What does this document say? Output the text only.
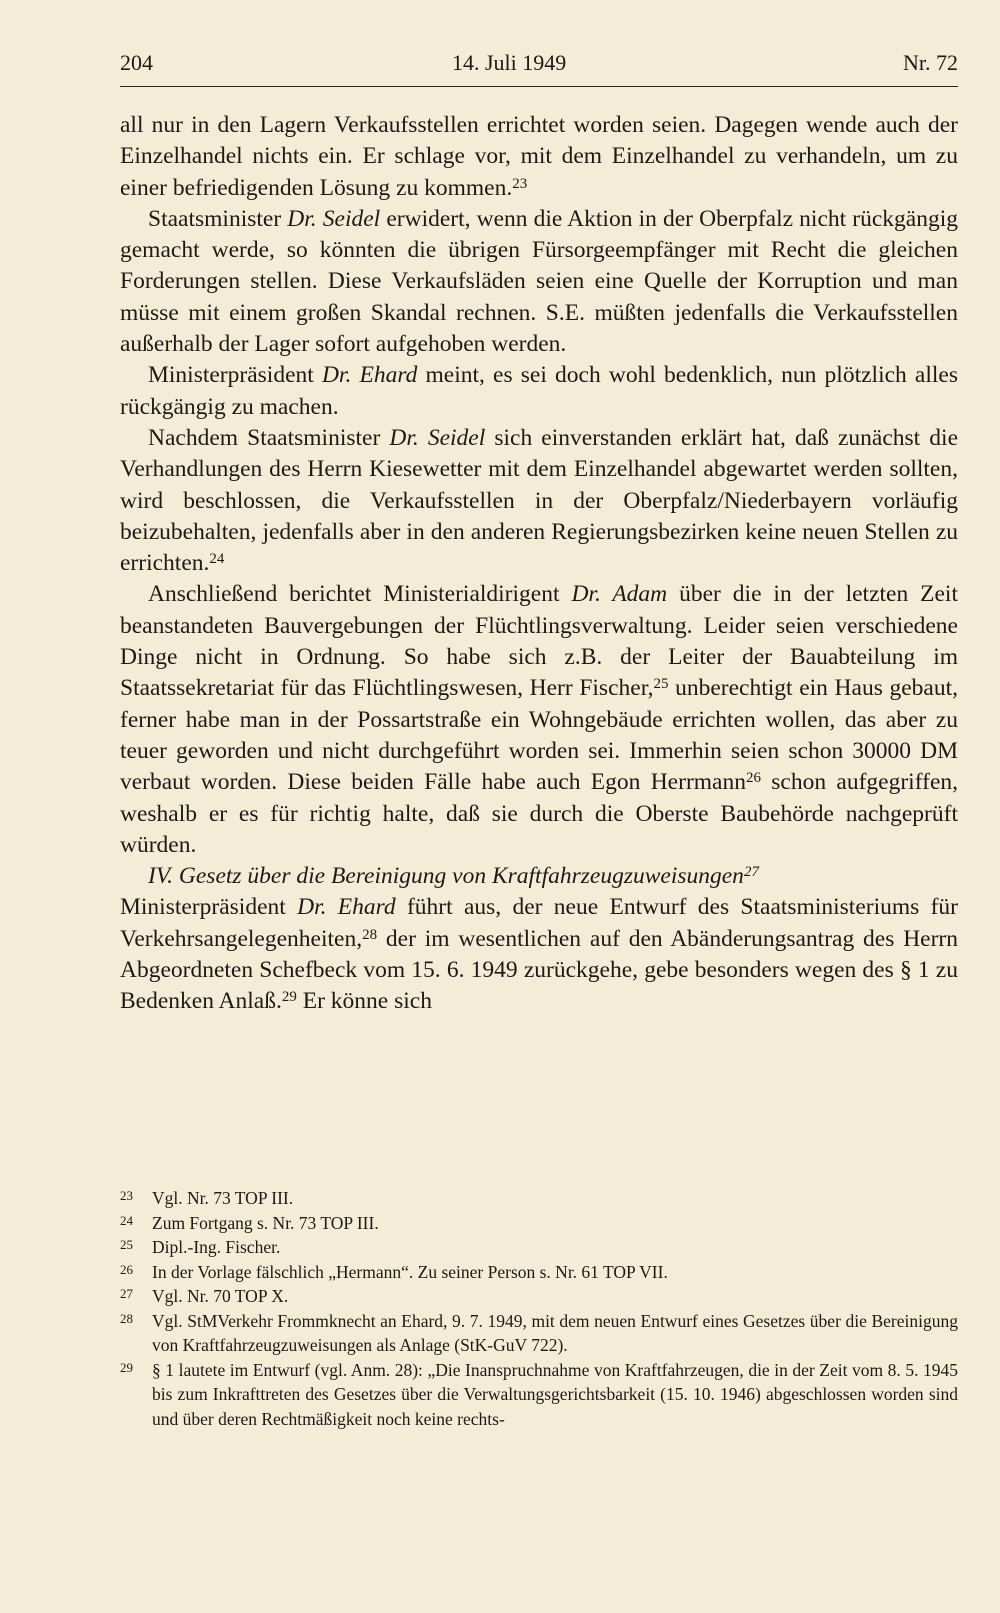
204	14. Juli 1949	Nr. 72

all nur in den Lagern Verkaufsstellen errichtet worden seien. Dagegen wende auch der Einzelhandel nichts ein. Er schlage vor, mit dem Einzelhandel zu verhandeln, um zu einer befriedigenden Lösung zu kommen.$^{23}$

Staatsminister Dr. Seidel erwidert, wenn die Aktion in der Oberpfalz nicht rückgängig gemacht werde, so könnten die übrigen Fürsorgeempfänger mit Recht die gleichen Forderungen stellen. Diese Verkaufsläden seien eine Quelle der Korruption und man müsse mit einem großen Skandal rechnen. S.E. müßten jedenfalls die Verkaufsstellen außerhalb der Lager sofort aufgehoben werden.

Ministerpräsident Dr. Ehard meint, es sei doch wohl bedenklich, nun plötzlich alles rückgängig zu machen.

Nachdem Staatsminister Dr. Seidel sich einverstanden erklärt hat, daß zunächst die Verhandlungen des Herrn Kiesewetter mit dem Einzelhandel abgewartet werden sollten, wird beschlossen, die Verkaufsstellen in der Oberpfalz/Niederbayern vorläufig beizubehalten, jedenfalls aber in den anderen Regierungsbezirken keine neuen Stellen zu errichten.$^{24}$

Anschließend berichtet Ministerialdirigent Dr. Adam über die in der letzten Zeit beanstandeten Bauvergebungen der Flüchtlingsverwaltung. Leider seien verschiedene Dinge nicht in Ordnung. So habe sich z.B. der Leiter der Bauabteilung im Staatssekretariat für das Flüchtlingswesen, Herr Fischer,$^{25}$ unberechtigt ein Haus gebaut, ferner habe man in der Possartstraße ein Wohngebäude errichten wollen, das aber zu teuer geworden und nicht durchgeführt worden sei. Immerhin seien schon 30000 DM verbaut worden. Diese beiden Fälle habe auch Egon Herrmann$^{26}$ schon aufgegriffen, weshalb er es für richtig halte, daß sie durch die Oberste Baubehörde nachgeprüft würden.

IV. Gesetz über die Bereinigung von Kraftfahrzeugzuweisungen$^{27}$

Ministerpräsident Dr. Ehard führt aus, der neue Entwurf des Staatsministeriums für Verkehrsangelegenheiten,$^{28}$ der im wesentlichen auf den Abänderungsantrag des Herrn Abgeordneten Schefbeck vom 15. 6. 1949 zurückgehe, gebe besonders wegen des § 1 zu Bedenken Anlaß.$^{29}$ Er könne sich

23 Vgl. Nr. 73 TOP III.
24 Zum Fortgang s. Nr. 73 TOP III.
25 Dipl.-Ing. Fischer.
26 In der Vorlage fälschlich „Hermann“. Zu seiner Person s. Nr. 61 TOP VII.
27 Vgl. Nr. 70 TOP X.
28 Vgl. StMVerkehr Frommknecht an Ehard, 9. 7. 1949, mit dem neuen Entwurf eines Gesetzes über die Bereinigung von Kraftfahrzeugzuweisungen als Anlage (StK-GuV 722).
29 § 1 lautete im Entwurf (vgl. Anm. 28): „Die Inanspruchnahme von Kraftfahrzeugen, die in der Zeit vom 8. 5. 1945 bis zum Inkrafttreten des Gesetzes über die Verwaltungsgerichtsbarkeit (15. 10. 1946) abgeschlossen worden sind und über deren Rechtmäßigkeit noch keine rechts-
